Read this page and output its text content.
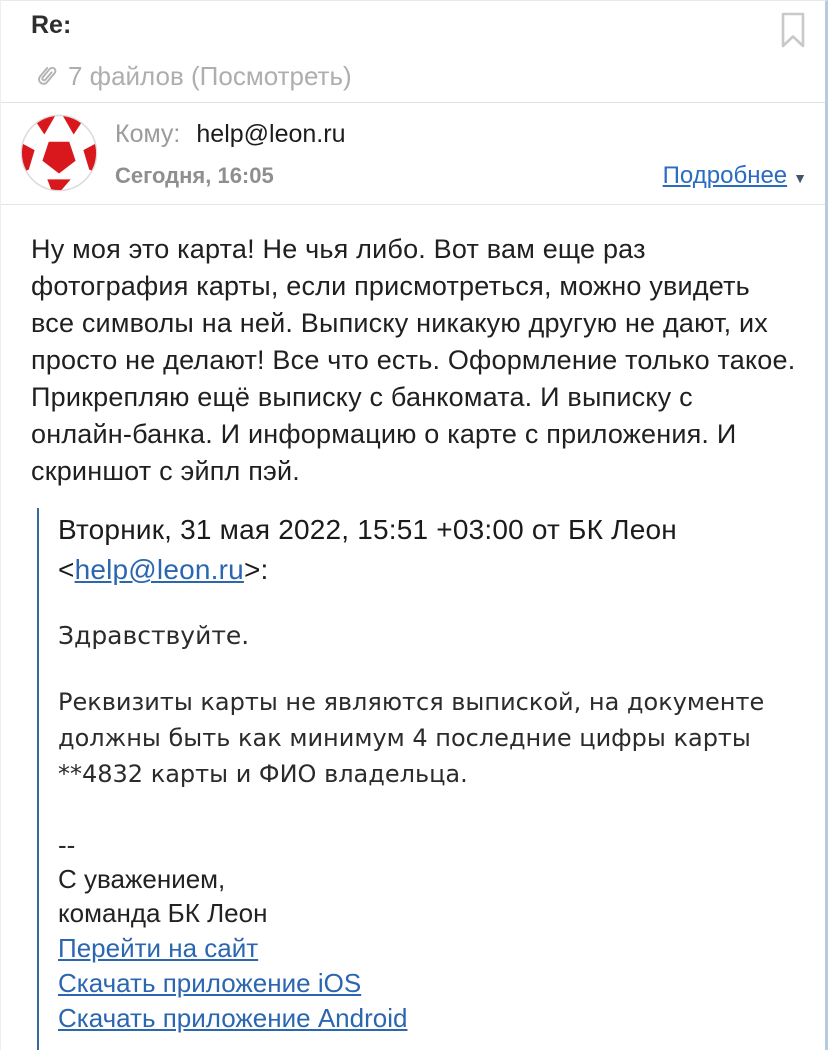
Re:
7 файлов (Посмотреть)
Кому: help@leon.ru
Сегодня, 16:05	Подробнее ▼
Ну моя это карта! Не чья либо. Вот вам еще раз фотография карты, если присмотреться, можно увидеть все символы на ней. Выписку никакую другую не дают, их просто не делают! Все что есть. Оформление только такое.
Прикрепляю ещё выписку с банкомата. И выписку с онлайн-банка. И информацию о карте с приложения. И скриншот с эйпл пэй.
Вторник, 31 мая 2022, 15:51 +03:00 от БК Леон <help@leon.ru>:
Здравствуйте.
Реквизиты карты не являются выпиской, на документе должны быть как минимум 4 последние цифры карты **4832 карты и ФИО владельца.
--
С уважением,
команда БК Леон
Перейти на сайт
Скачать приложение iOS
Скачать приложение Android
